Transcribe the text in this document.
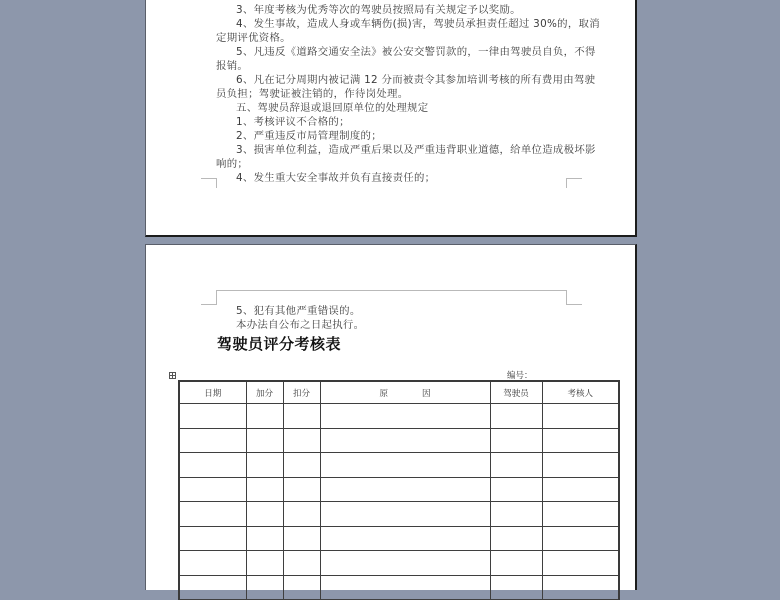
3、年度考核为优秀等次的驾驶员按照局有关规定予以奖励。
4、发生事故，造成人身或车辆伤(损)害，驾驶员承担责任超过 30%的，取消
定期评优资格。
5、凡违反《道路交通安全法》被公安交警罚款的，一律由驾驶员自负，不得
报销。
6、凡在记分周期内被记满 12 分而被责令其参加培训考核的所有费用由驾驶
员负担；驾驶证被注销的，作待岗处理。
五、驾驶员辞退或退回原单位的处理规定
1、考核评议不合格的；
2、严重违反市局管理制度的；
3、损害单位利益，造成严重后果以及严重违背职业道德，给单位造成极坏影
响的；
4、发生重大安全事故并负有直接责任的；
5、犯有其他严重错误的。
本办法自公布之日起执行。
驾驶员评分考核表
编号：
日期	加分	扣分	原　　　　因	驾驶员	考核人
